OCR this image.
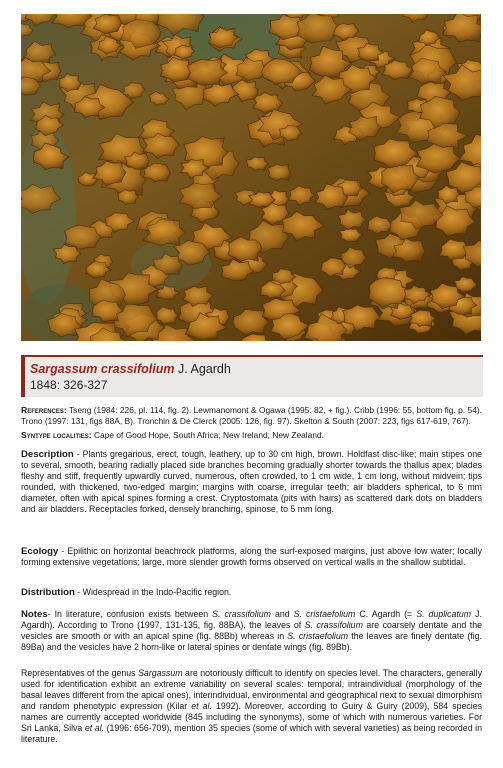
Sargassum crassifolium J. Agardh
1848: 326-327
References: Tseng (1984: 226, pl. 114, fig. 2). Lewmanomont & Ogawa (1995: 82, + fig.). Cribb (1996: 55, bottom fig. p. 54). Trono (1997: 131, figs 88A, B). Tronchin & De Clerck (2005: 126, fig. 97). Skelton & South (2007: 223, figs 617-619, 767).
Syntype localities: Cape of Good Hope, South Africa; New Ireland; New Zealand.
Description - Plants gregarious, erect, tough, leathery, up to 30 cm high, brown. Holdfast disc-like; main stipes one to several, smooth, bearing radially placed side branches becoming gradually shorter towards the thallus apex; blades fleshy and stiff, frequently upwardly curved, numerous, often crowded, to 1 cm wide, 1 cm long, without midvein; tips rounded, with thickened, two-edged margin; margins with coarse, irregular teeth; air bladders spherical, to 6 mm diameter, often with apical spines forming a crest. Cryptostomata (pits with hairs) as scattered dark dots on bladders and air bladders. Receptacles forked, densely branching, spinose, to 5 mm long.
Ecology - Epilithic on horizontal beachrock platforms, along the surf-exposed margins, just above low water; locally forming extensive vegetations; large, more slender growth forms observed on vertical walls in the shallow subtidal.
Distribution - Widespread in the Indo-Pacific region.
Notes- In literature, confusion exists between S. crassifolium and S. cristaefolium C. Agardh (= S. duplicatum J. Agardh). According to Trono (1997, 131-135, fig. 88BA), the leaves of S. crassifolium are coarsely dentate and the vesicles are smooth or with an apical spine (fig. 88Bb) whereas in S. cristaefolium the leaves are finely dentate (fig. 89Ba) and the vesicles have 2 horn-like or lateral spines or dentate wings (fig. 89Bb).
Representatives of the genus Sargassum are notoriously difficult to identify on species level. The characters, generally used for identification exhibit an extreme variability on several scales: temporal, intraindividual (morphology of the basal leaves different from the apical ones), interindividual, environmental and geographical next to sexual dimorphism and random phenotypic expression (Kilar et al. 1992). Moreover, according to Guiry & Guiry (2009), 584 species names are currently accepted worldwide (845 including the synonyms), some of which with numerous varieties. For Sri Lanka, Silva et al. (1996: 656-709), mention 35 species (some of which with several varieties) as being recorded in literature.
